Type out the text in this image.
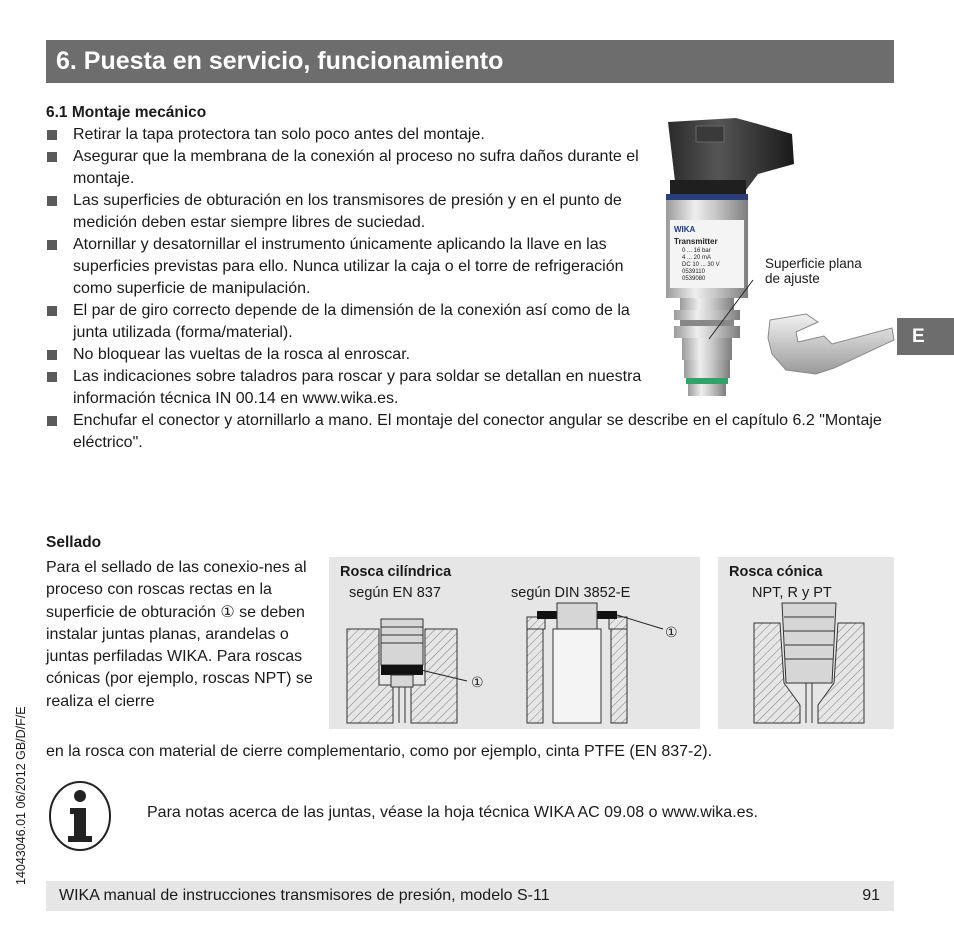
6. Puesta en servicio, funcionamiento
6.1 Montaje mecánico
Retirar la tapa protectora tan solo poco antes del montaje.
Asegurar que la membrana de la conexión al proceso no sufra daños durante el montaje.
Las superficies de obturación en los transmisores de presión y en el punto de medición deben estar siempre libres de suciedad.
Atornillar y desatornillar el instrumento únicamente aplicando la llave en las superficies previstas para ello. Nunca utilizar la caja o el torre de refrigeración como superficie de manipulación.
El par de giro correcto depende de la dimensión de la conexión así como de la junta utilizada (forma/material).
No bloquear las vueltas de la rosca al enroscar.
Las indicaciones sobre taladros para roscar y para soldar se detallan en nuestra información técnica IN 00.14 en www.wika.es.
Enchufar el conector y atornillarlo a mano. El montaje del conector angular se describe en el capítulo 6.2 "Montaje eléctrico".
WIKA
Transmitter
0 ... 16 bar
4 ... 20 mA
DC 10 ... 30 V
0539110
0539080
Superficie plana
de ajuste
E
Sellado
Para el sellado de las conexio-nes al proceso con roscas rectas en la superficie de obturación ① se deben instalar juntas planas, arandelas o juntas perfiladas WIKA. Para roscas cónicas (por ejemplo, roscas NPT) se realiza el cierre
en la rosca con material de cierre complementario, como por ejemplo, cinta PTFE (EN 837-2).
Rosca cilíndrica
según EN 837	según DIN 3852-E
①
①
Rosca cónica
NPT, R y PT
Para notas acerca de las juntas, véase la hoja técnica WIKA AC 09.08 o www.wika.es.
14043046.01 06/2012 GB/D/F/E
WIKA manual de instrucciones transmisores de presión, modelo S-11	91
